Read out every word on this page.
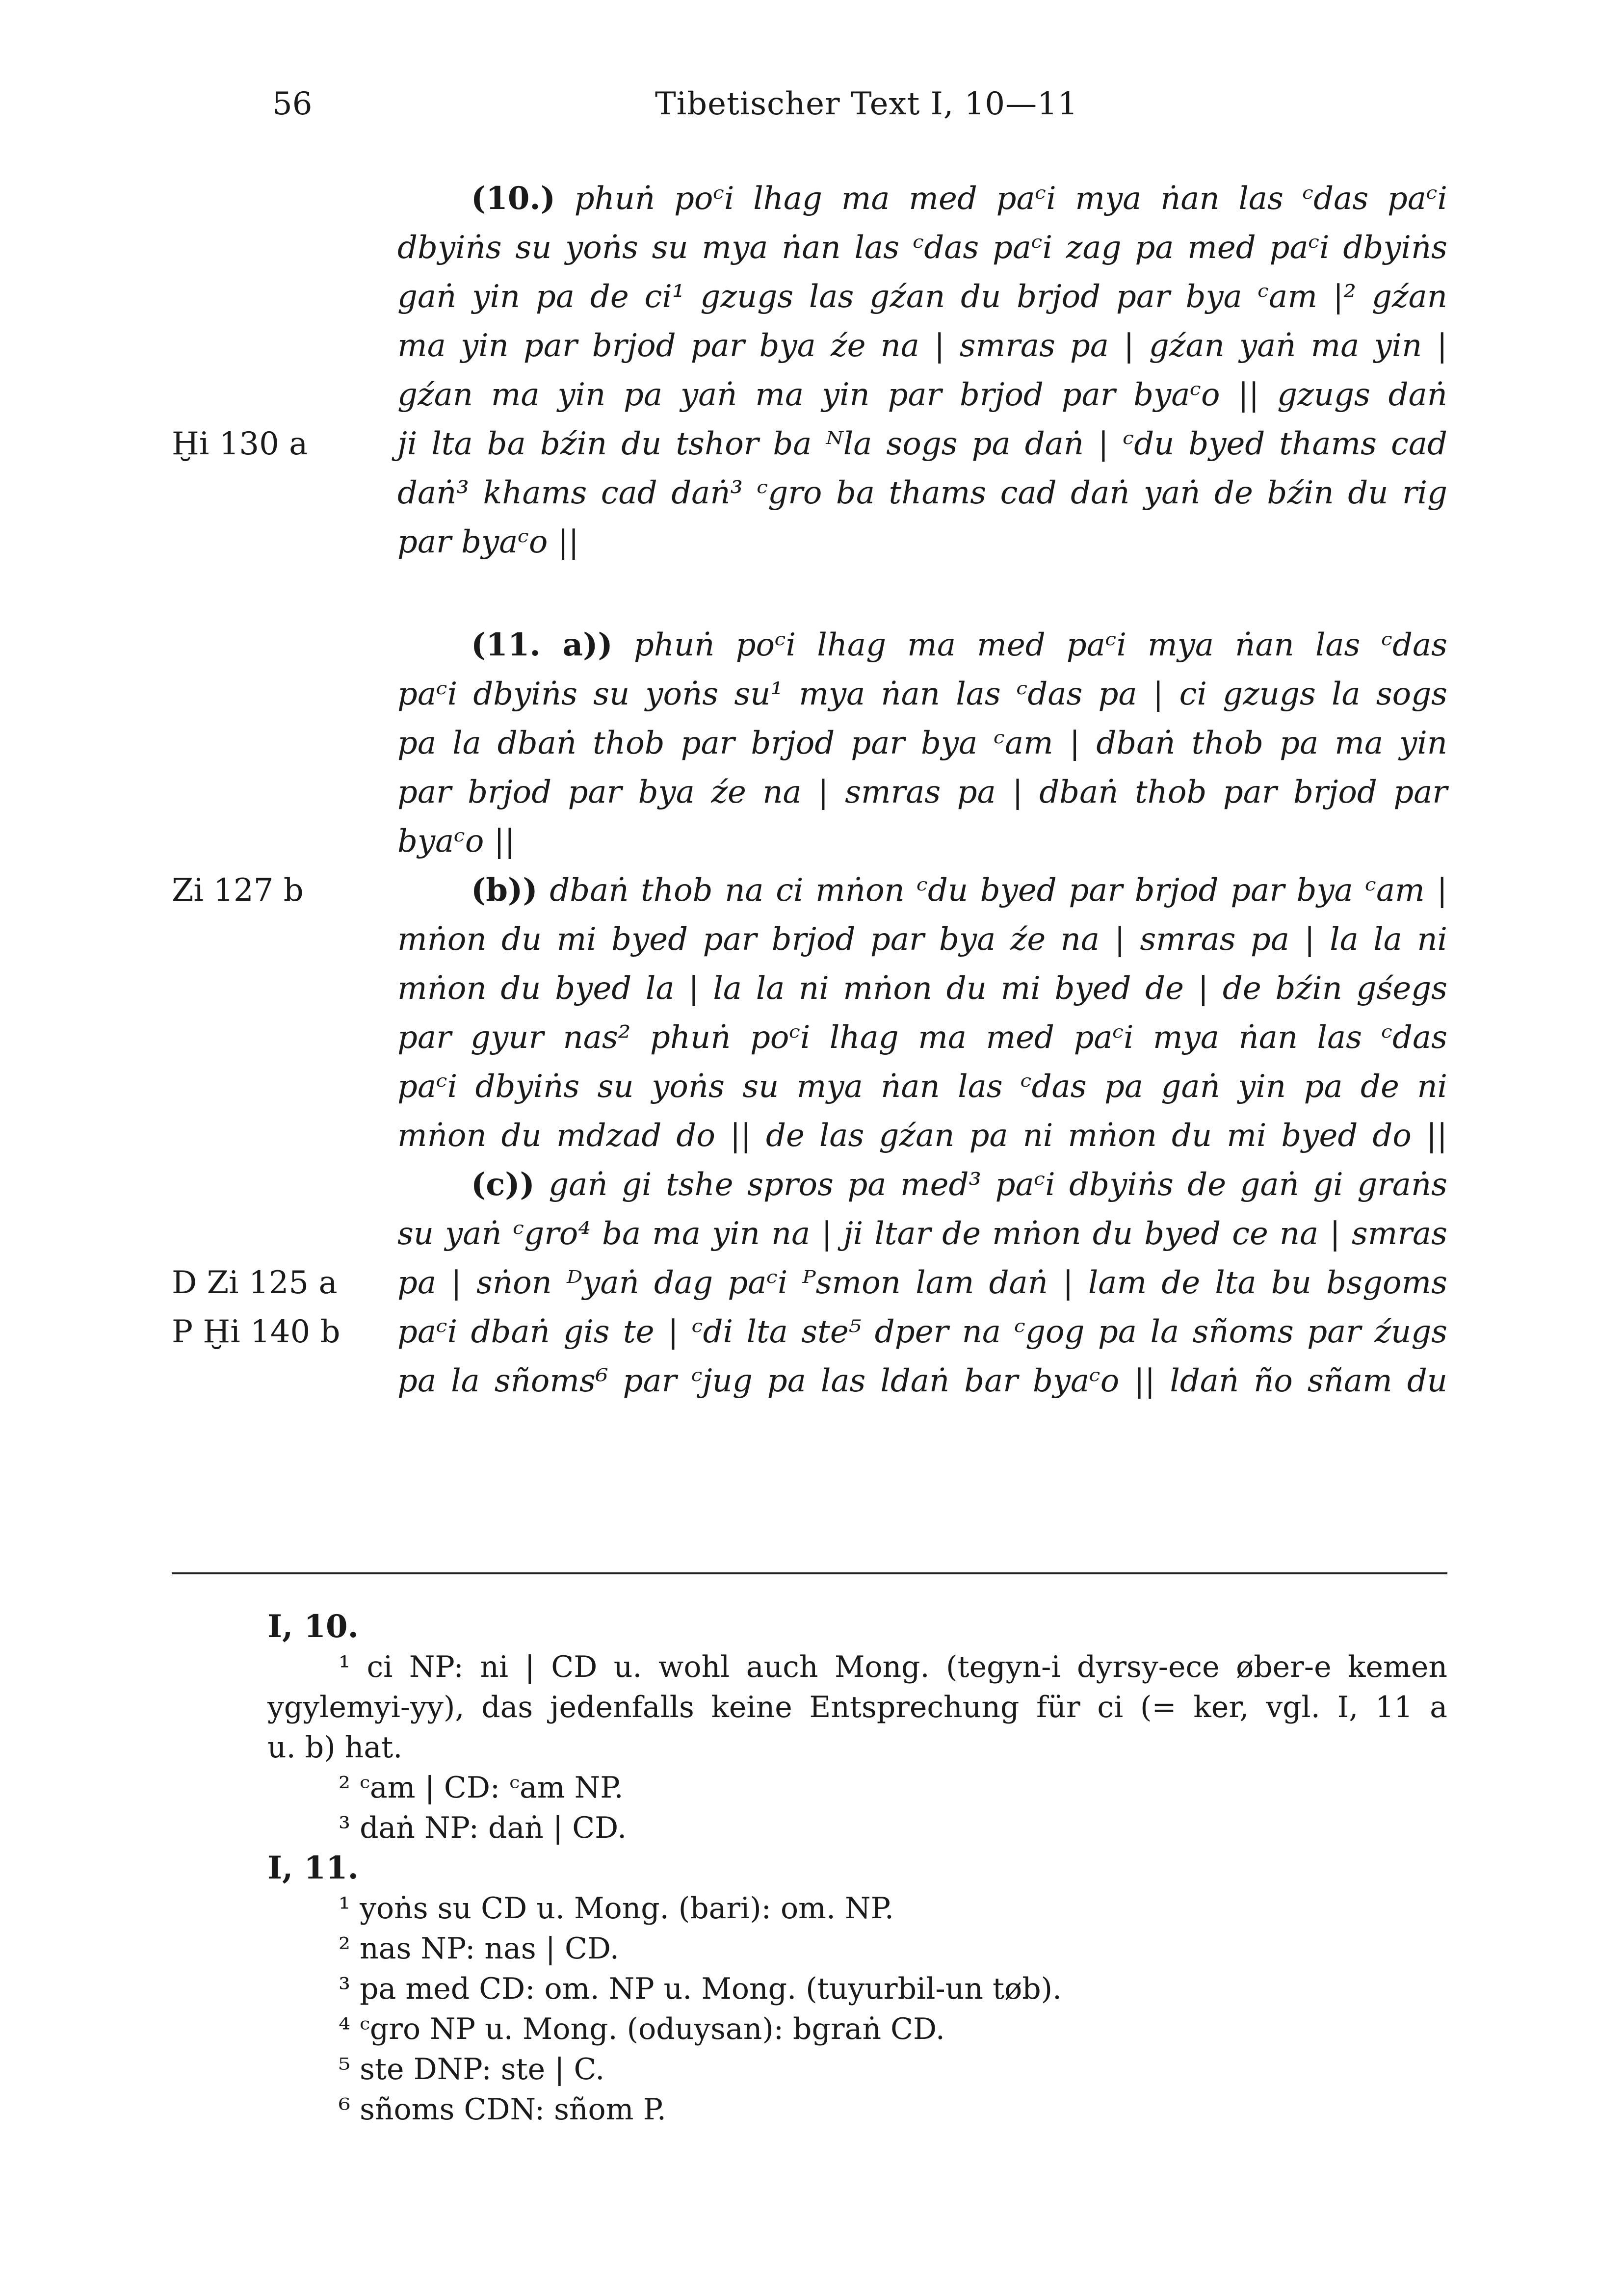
56	Tibetischer Text I, 10—11
(10.) phuṅ poᶜi lhag ma med paᶜi mya ṅan las ᶜdas paᶜi
dbyiṅs su yoṅs su mya ṅan las ᶜdas paᶜi zag pa med paᶜi dbyiṅs
gaṅ yin pa de ci¹ gzugs las gźan du brjod par bya ᶜam |² gźan
ma yin par brjod par bya źe na | smras pa | gźan yaṅ ma yin |
gźan ma yin pa yaṅ ma yin par brjod par byaᶜo || gzugs daṅ
ji lta ba bźin du tshor ba ᴺla sogs pa daṅ | ᶜdu byed thams cad
daṅ³ khams cad daṅ³ ᶜgro ba thams cad daṅ yaṅ de bźin du rig
par byaᶜo ||
Ḫi 130 a
(11. a)) phuṅ poᶜi lhag ma med paᶜi mya ṅan las ᶜdas
paᶜi dbyiṅs su yoṅs su¹ mya ṅan las ᶜdas pa | ci gzugs la sogs
pa la dbaṅ thob par brjod par bya ᶜam | dbaṅ thob pa ma yin
par brjod par bya źe na | smras pa | dbaṅ thob par brjod par
byaᶜo ||
Zi 127 b	(b)) dbaṅ thob na ci mṅon ᶜdu byed par brjod par bya ᶜam |
mṅon du mi byed par brjod par bya źe na | smras pa | la la ni
mṅon du byed la | la la ni mṅon du mi byed de | de bźin gśegs
par gyur nas² phuṅ poᶜi lhag ma med paᶜi mya ṅan las ᶜdas
paᶜi dbyiṅs su yoṅs su mya ṅan las ᶜdas pa gaṅ yin pa de ni
mṅon du mdzad do || de las gźan pa ni mṅon du mi byed do ||
(c)) gaṅ gi tshe spros pa med³ paᶜi dbyiṅs de gaṅ gi graṅs
su yaṅ ᶜgro⁴ ba ma yin na | ji ltar de mṅon du byed ce na | smras
pa | sṅon ᴰyaṅ dag paᶜi ᴾsmon lam daṅ | lam de lta bu bsgoms
paᶜi dbaṅ gis te | ᶜdi lta ste⁵ dper na ᶜgog pa la sñoms par źugs
pa la sñoms⁶ par ᶜjug pa las ldaṅ bar byaᶜo || ldaṅ ño sñam du
D Zi 125 a
P Ḫi 140 b
I, 10.
¹ ci NP: ni | CD u. wohl auch Mong. (tegyn-i dyrsy-ece øber-e kemen
ygylemyi-yy), das jedenfalls keine Entsprechung für ci (= ker, vgl. I, 11 a
u. b) hat.
² ᶜam | CD: ᶜam NP.
³ daṅ NP: daṅ | CD.
I, 11.
¹ yoṅs su CD u. Mong. (bari): om. NP.
² nas NP: nas | CD.
³ pa med CD: om. NP u. Mong. (tuyurbil-un tøb).
⁴ ᶜgro NP u. Mong. (oduysan): bgraṅ CD.
⁵ ste DNP: ste | C.
⁶ sñoms CDN: sñom P.
